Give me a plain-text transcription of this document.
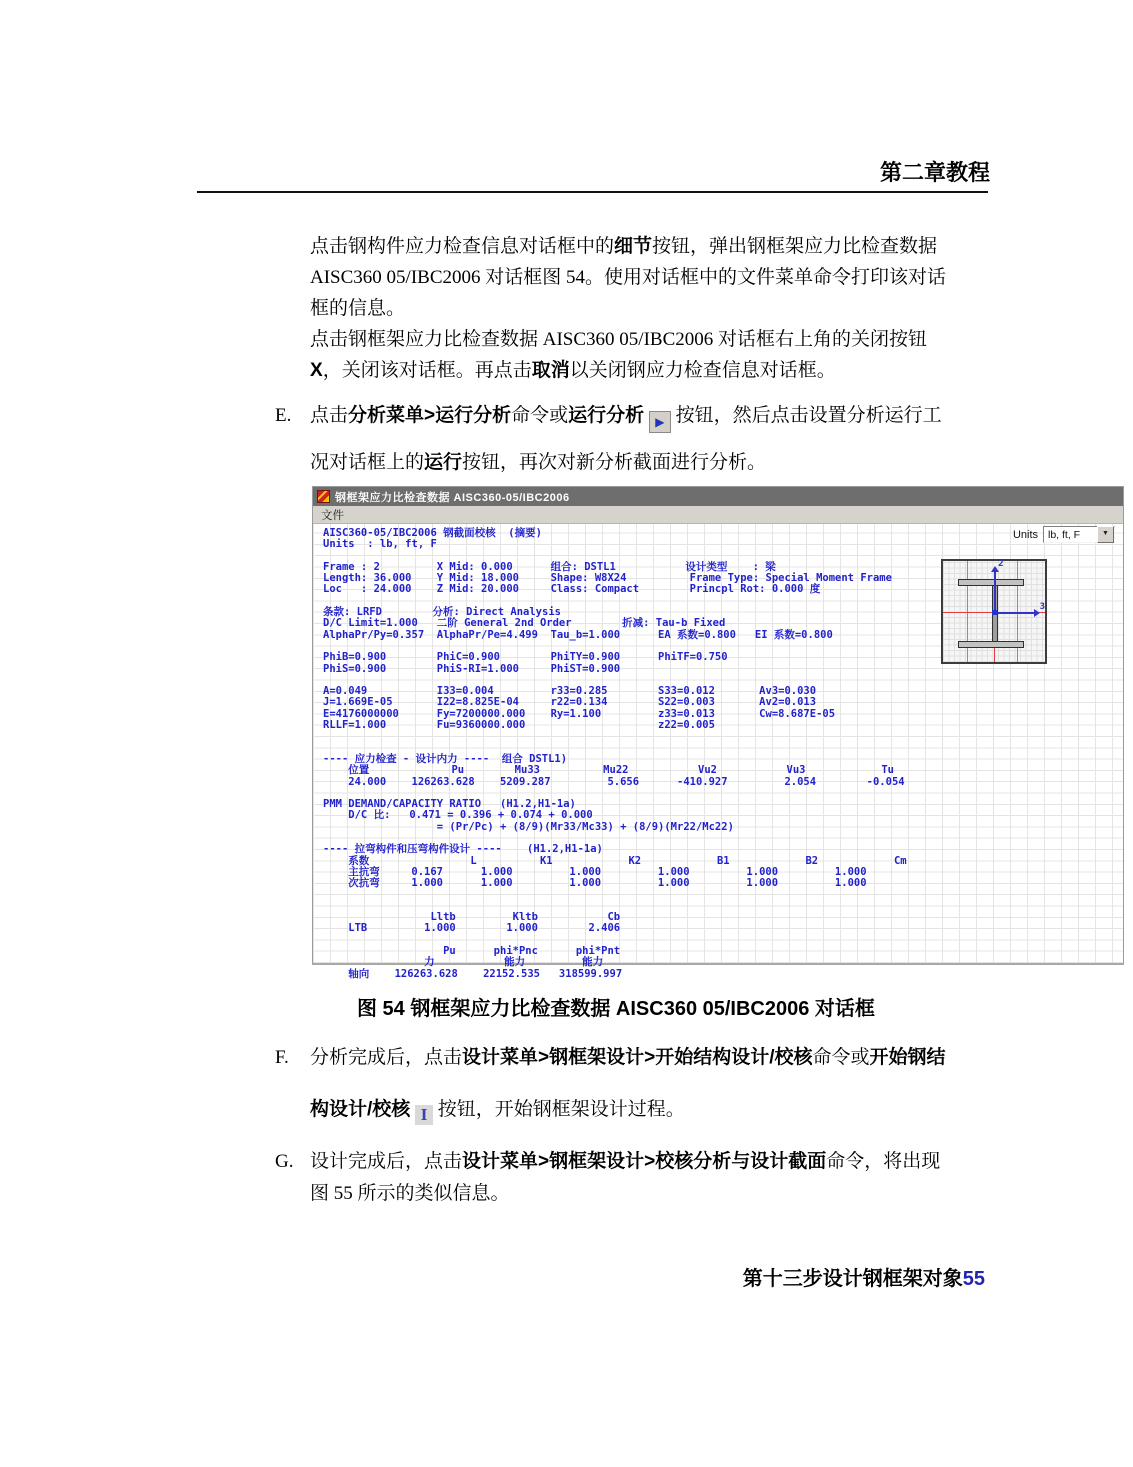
第二章教程
点击钢构件应力检查信息对话框中的细节按钮，弹出钢框架应力比检查数据
AISC360 05/IBC2006 对话框图 54。使用对话框中的文件菜单命令打印该对话
框的信息。
点击钢框架应力比检查数据 AISC360 05/IBC2006 对话框右上角的关闭按钮
X，关闭该对话框。再点击取消以关闭钢应力检查信息对话框。
E. 点击分析菜单>运行分析命令或运行分析 ▶ 按钮，然后点击设置分析运行工
况对话框上的运行按钮，再次对新分析截面进行分析。
钢框架应力比检查数据 AISC360-05/IBC2006
文件
Units lb, ft, F	▼
2
3
AISC360-05/IBC2006 钢截面校核  (摘要)
Units  : lb, ft, F

Frame : 2         X Mid: 0.000      组合: DSTL1           设计类型    : 梁
Length: 36.000    Y Mid: 18.000     Shape: W8X24          Frame Type: Special Moment Frame
Loc   : 24.000    Z Mid: 20.000     Class: Compact        Princpl Rot: 0.000 度

条款: LRFD        分析: Direct Analysis
D/C Limit=1.000   二阶 General 2nd Order        折减: Tau-b Fixed
AlphaPr/Py=0.357  AlphaPr/Pe=4.499  Tau_b=1.000      EA 系数=0.800   EI 系数=0.800

PhiB=0.900        PhiC=0.900        PhiTY=0.900      PhiTF=0.750
PhiS=0.900        PhiS-RI=1.000     PhiST=0.900

A=0.049           I33=0.004         r33=0.285        S33=0.012       Av3=0.030
J=1.669E-05       I22=8.825E-04     r22=0.134        S22=0.003       Av2=0.013
E=4176000000      Fy=7200000.000    Ry=1.100         z33=0.013       Cw=8.687E-05
RLLF=1.000        Fu=9360000.000                     z22=0.005

---- 应力检查 - 设计内力 ----  组合 DSTL1)
位置             Pu        Mu33          Mu22           Vu2           Vu3            Tu
24.000    126263.628    5209.287         5.656      -410.927         2.054        -0.054

PMM DEMAND/CAPACITY RATIO   (H1.2,H1-1a)
D/C 比:   0.471 = 0.396 + 0.074 + 0.000
= (Pr/Pc) + (8/9)(Mr33/Mc33) + (8/9)(Mr22/Mc22)

---- 拉弯构件和压弯构件设计 ----    (H1.2,H1-1a)
系数                L          K1            K2            B1            B2            Cm
主抗弯     0.167      1.000         1.000         1.000         1.000         1.000
次抗弯     1.000      1.000         1.000         1.000         1.000         1.000

Lltb         Kltb           Cb
LTB         1.000        1.000        2.406

Pu      phi*Pnc      phi*Pnt
力           能力         能力
轴向    126263.628    22152.535   318599.997
图 54 钢框架应力比检查数据 AISC360 05/IBC2006 对话框
F. 分析完成后，点击设计菜单>钢框架设计>开始结构设计/校核命令或开始钢结
构设计/校核 I 按钮，开始钢框架设计过程。
G. 设计完成后，点击设计菜单>钢框架设计>校核分析与设计截面命令，将出现
图 55 所示的类似信息。
第十三步设计钢框架对象55
